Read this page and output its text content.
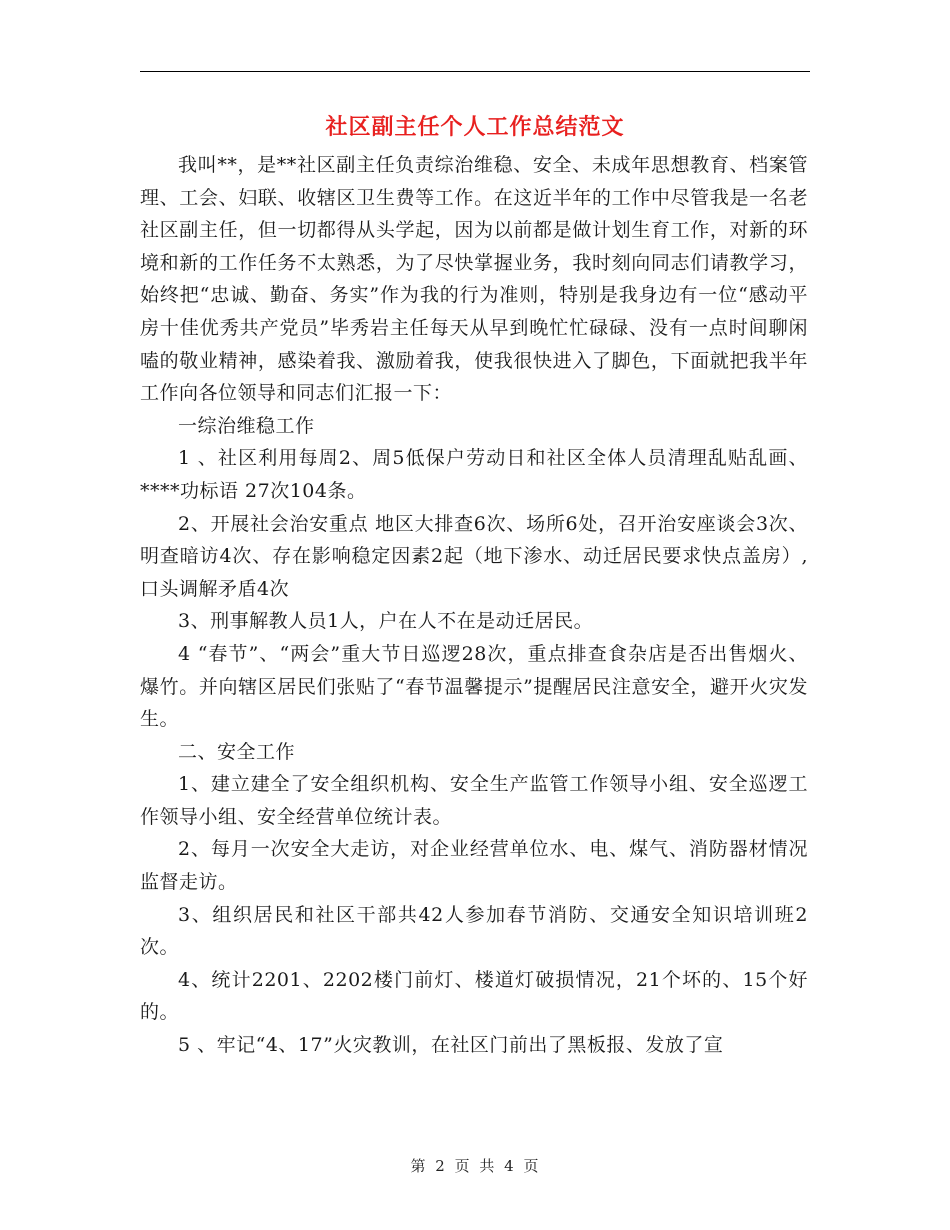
社区副主任个人工作总结范文

我叫**，是**社区副主任负责综治维稳、安全、未成年思想教育、档案管理、工会、妇联、收辖区卫生费等工作。在这近半年的工作中尽管我是一名老社区副主任，但一切都得从头学起，因为以前都是做计划生育工作，对新的环境和新的工作任务不太熟悉，为了尽快掌握业务，我时刻向同志们请教学习，始终把“忠诚、勤奋、务实”作为我的行为准则，特别是我身边有一位“感动平房十佳优秀共产党员”毕秀岩主任每天从早到晚忙忙碌碌、没有一点时间聊闲嗑的敬业精神，感染着我、激励着我，使我很快进入了脚色，下面就把我半年工作向各位领导和同志们汇报一下：

一综治维稳工作

1 、社区利用每周2、周5低保户劳动日和社区全体人员清理乱贴乱画、****功标语 27次104条。

2、开展社会治安重点 地区大排查6次、场所6处，召开治安座谈会3次、明查暗访4次、存在影响稳定因素2起（地下渗水、动迁居民要求快点盖房）,口头调解矛盾4次

3、刑事解教人员1人，户在人不在是动迁居民。

4 “春节”、“两会”重大节日巡逻28次，重点排查食杂店是否出售烟火、爆竹。并向辖区居民们张贴了“春节温馨提示”提醒居民注意安全，避开火灾发生。

二、安全工作

1、建立建全了安全组织机构、安全生产监管工作领导小组、安全巡逻工作领导小组、安全经营单位统计表。

2、每月一次安全大走访，对企业经营单位水、电、煤气、消防器材情况监督走访。

3、组织居民和社区干部共42人参加春节消防、交通安全知识培训班2次。

4、统计2201、2202楼门前灯、楼道灯破损情况，21个坏的、15个好的。

5 、牢记“4、17”火灾教训，在社区门前出了黑板报、发放了宣

第 2 页 共 4 页
